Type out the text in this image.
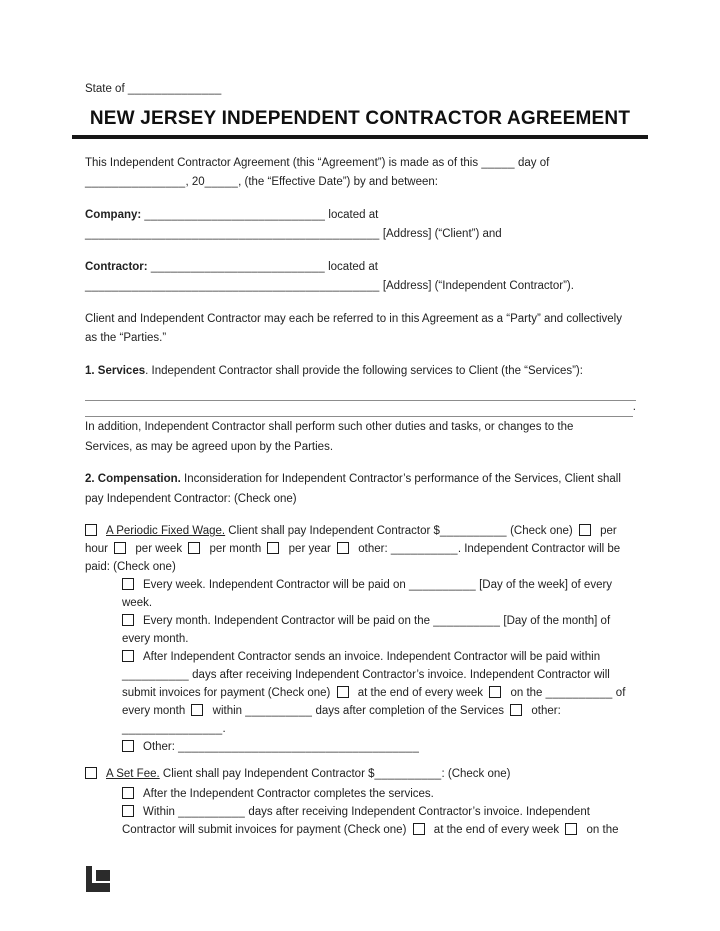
State of ______________
NEW JERSEY INDEPENDENT CONTRACTOR AGREEMENT
This Independent Contractor Agreement (this “Agreement”) is made as of this _____ day of
_______________, 20_____, (the “Effective Date”) by and between:
Company: ___________________________ located at
____________________________________________ [Address] (“Client”) and
Contractor: __________________________ located at
____________________________________________ [Address] (“Independent Contractor”).
Client and Independent Contractor may each be referred to in this Agreement as a “Party” and collectively
as the “Parties.”
1. Services. Independent Contractor shall provide the following services to Client (the “Services”):
.
In addition, Independent Contractor shall perform such other duties and tasks, or changes to the
Services, as may be agreed upon by the Parties.
2. Compensation. Inconsideration for Independent Contractor’s performance of the Services, Client shall
pay Independent Contractor: (Check one)
A Periodic Fixed Wage. Client shall pay Independent Contractor $__________ (Check one)  per
hour  per week  per month  per year  other: __________. Independent Contractor will be
paid: (Check one)
Every week. Independent Contractor will be paid on __________ [Day of the week] of every
week.
Every month. Independent Contractor will be paid on the __________ [Day of the month] of
every month.
After Independent Contractor sends an invoice. Independent Contractor will be paid within
__________ days after receiving Independent Contractor’s invoice. Independent Contractor will
submit invoices for payment (Check one)  at the end of every week  on the __________ of
every month  within __________ days after completion of the Services  other:
_______________.
Other: ____________________________________
A Set Fee. Client shall pay Independent Contractor $__________: (Check one)
After the Independent Contractor completes the services.
Within __________ days after receiving Independent Contractor’s invoice. Independent
Contractor will submit invoices for payment (Check one)  at the end of every week  on the
